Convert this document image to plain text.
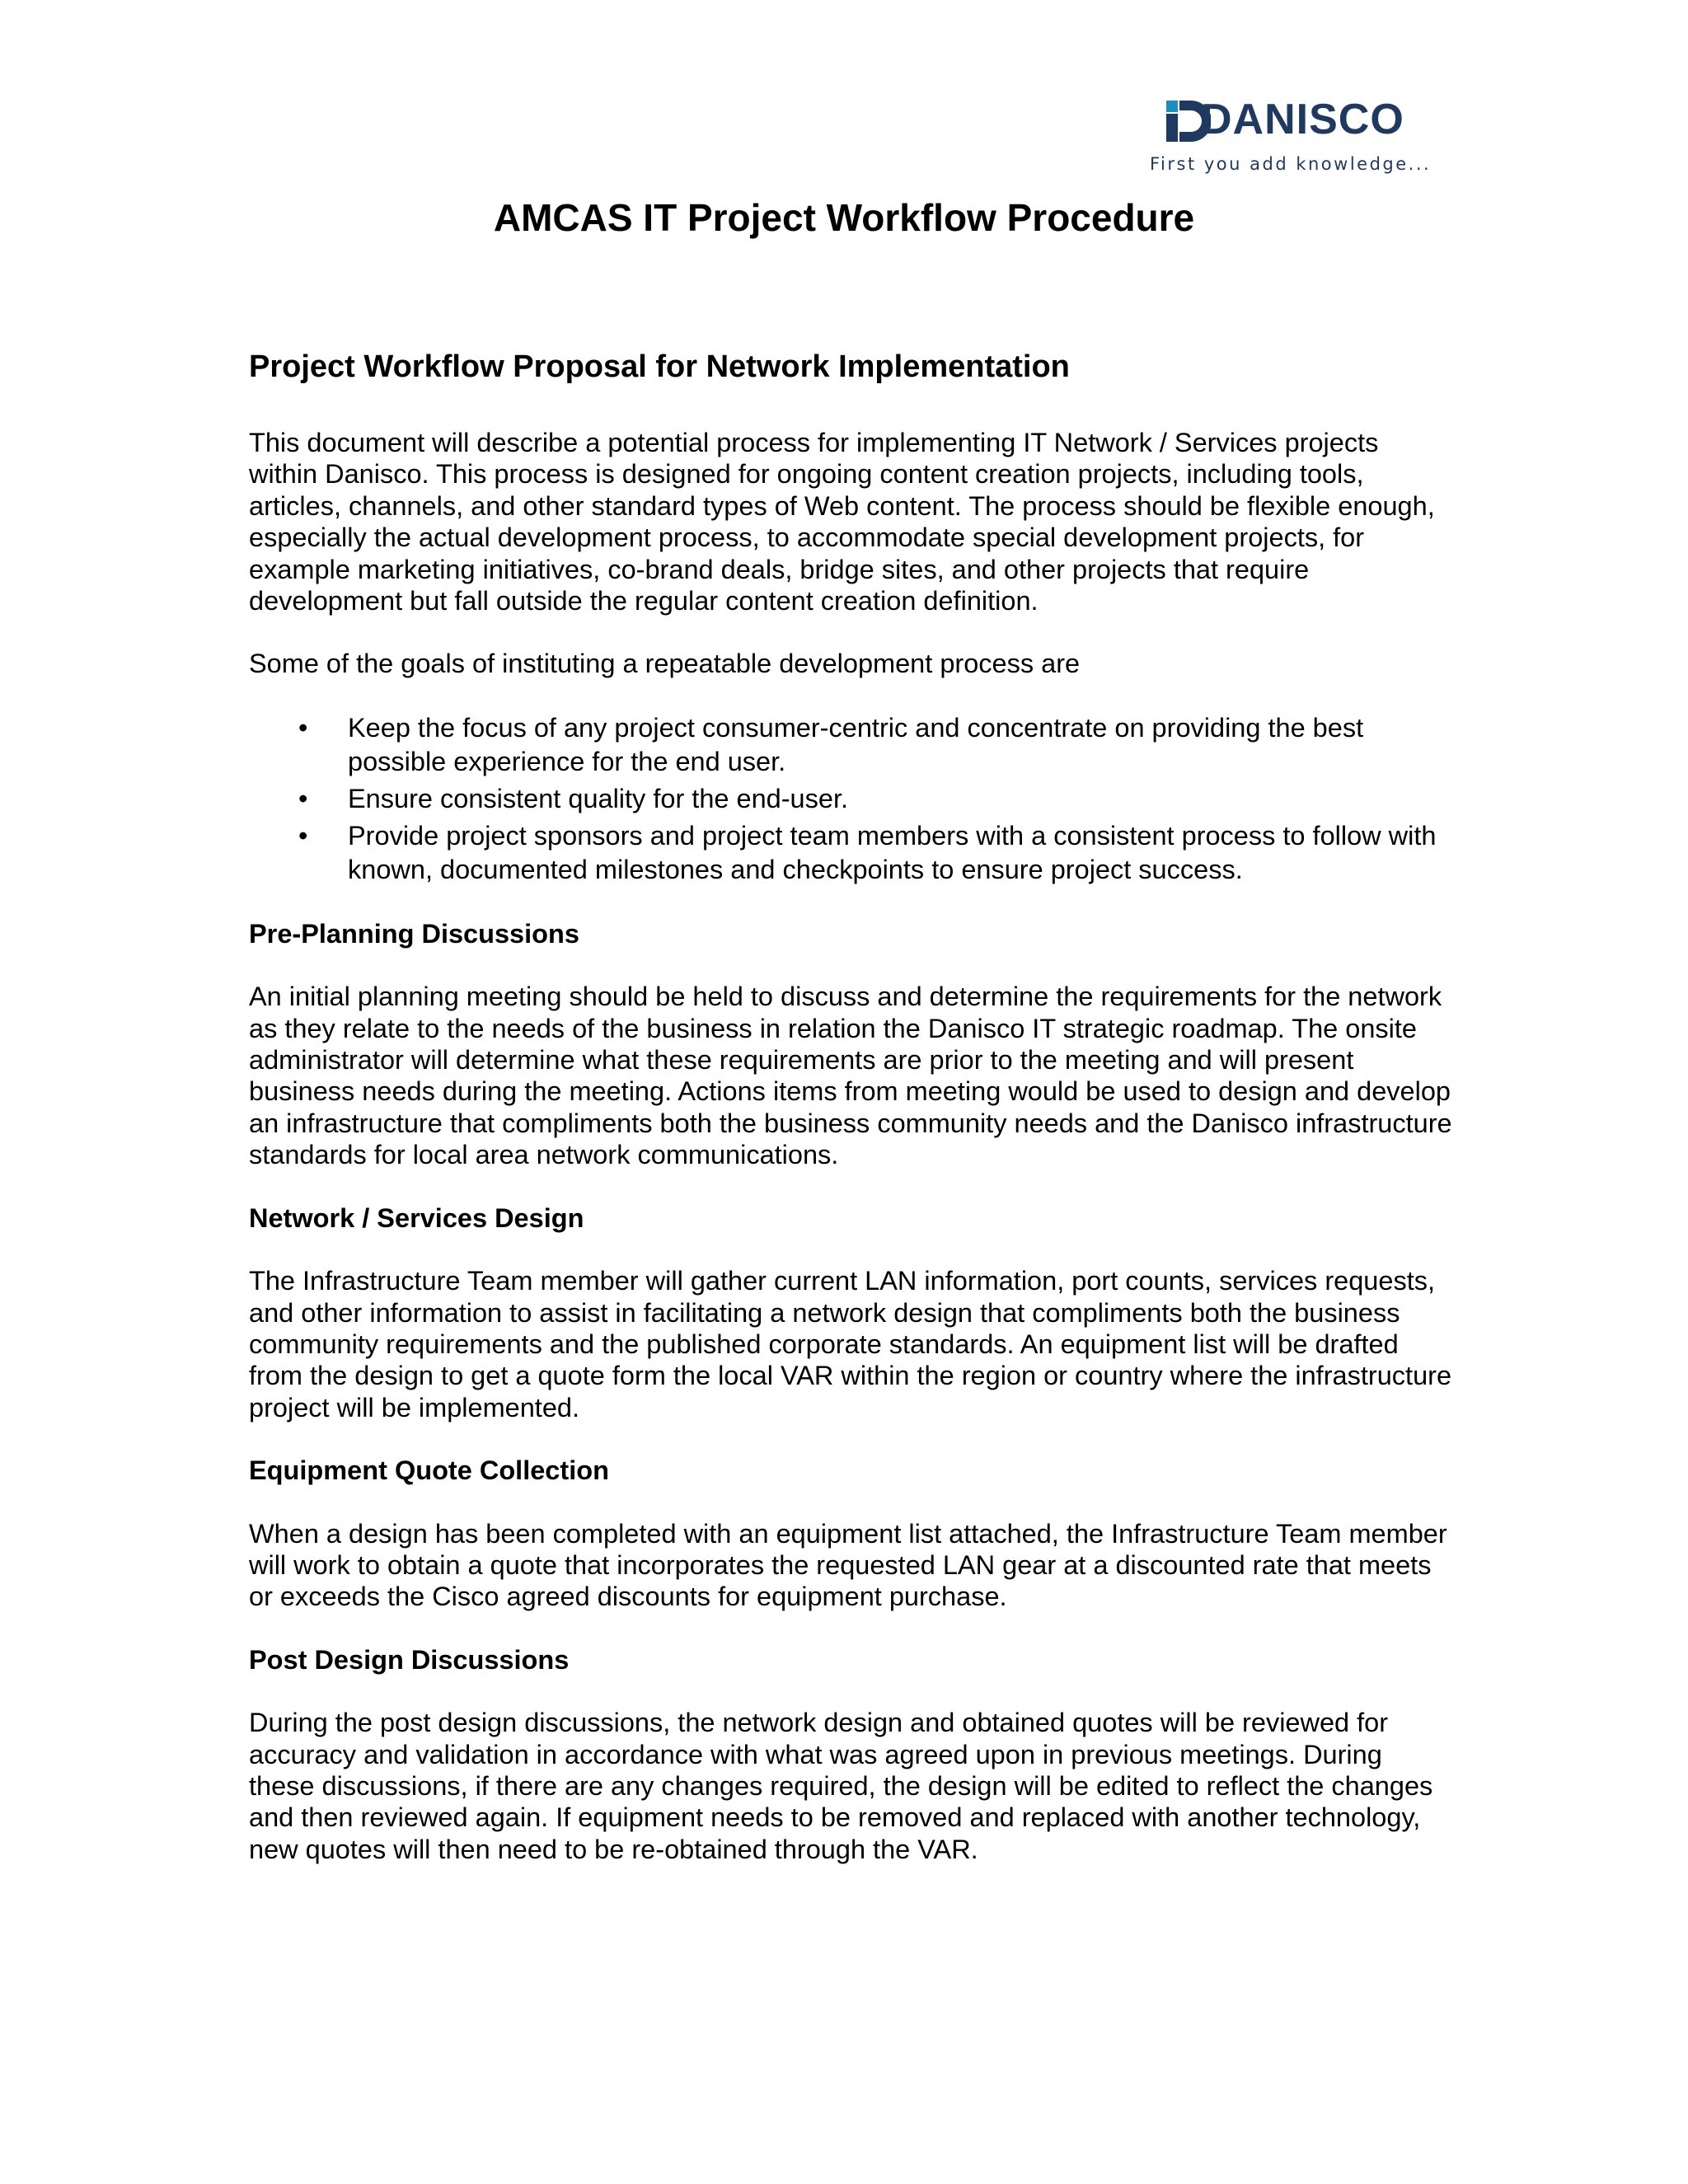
DANISCO
First you add knowledge...
AMCAS IT Project Workflow Procedure
Project Workflow Proposal for Network Implementation

This document will describe a potential process for implementing IT Network / Services projects within Danisco. This process is designed for ongoing content creation projects, including tools, articles, channels, and other standard types of Web content. The process should be flexible enough, especially the actual development process, to accommodate special development projects, for example marketing initiatives, co-brand deals, bridge sites, and other projects that require development but fall outside the regular content creation definition.

Some of the goals of instituting a repeatable development process are

• Keep the focus of any project consumer-centric and concentrate on providing the best possible experience for the end user.
• Ensure consistent quality for the end-user.
• Provide project sponsors and project team members with a consistent process to follow with known, documented milestones and checkpoints to ensure project success.
Pre-Planning Discussions

An initial planning meeting should be held to discuss and determine the requirements for the network as they relate to the needs of the business in relation the Danisco IT strategic roadmap. The onsite administrator will determine what these requirements are prior to the meeting and will present business needs during the meeting. Actions items from meeting would be used to design and develop an infrastructure that compliments both the business community needs and the Danisco infrastructure standards for local area network communications.

Network / Services Design

The Infrastructure Team member will gather current LAN information, port counts, services requests, and other information to assist in facilitating a network design that compliments both the business community requirements and the published corporate standards. An equipment list will be drafted from the design to get a quote form the local VAR within the region or country where the infrastructure project will be implemented.

Equipment Quote Collection

When a design has been completed with an equipment list attached, the Infrastructure Team member will work to obtain a quote that incorporates the requested LAN gear at a discounted rate that meets or exceeds the Cisco agreed discounts for equipment purchase.

Post Design Discussions

During the post design discussions, the network design and obtained quotes will be reviewed for accuracy and validation in accordance with what was agreed upon in previous meetings. During these discussions, if there are any changes required, the design will be edited to reflect the changes and then reviewed again. If equipment needs to be removed and replaced with another technology, new quotes will then need to be re-obtained through the VAR.
